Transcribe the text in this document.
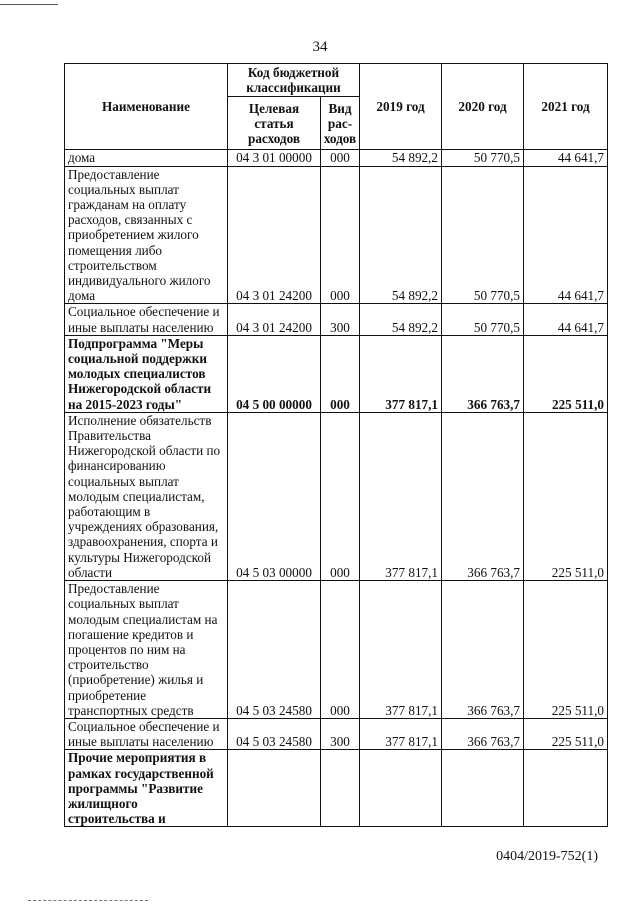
34
Наименование	Код бюджетной классификации		2019 год	2020 год	2021 год
	Целевая статья расходов	Вид рас-ходов			
дома	04 3 01 00000	000	54 892,2	50 770,5	44 641,7
Предоставление социальных выплат гражданам на оплату расходов, связанных с приобретением жилого помещения либо строительством индивидуального жилого дома	04 3 01 24200	000	54 892,2	50 770,5	44 641,7
Социальное обеспечение и иные выплаты населению	04 3 01 24200	300	54 892,2	50 770,5	44 641,7
Подпрограмма "Меры социальной поддержки молодых специалистов Нижегородской области на 2015-2023 годы"	04 5 00 00000	000	377 817,1	366 763,7	225 511,0
Исполнение обязательств Правительства Нижегородской области по финансированию социальных выплат молодым специалистам, работающим в учреждениях образования, здравоохранения, спорта и культуры Нижегородской области	04 5 03 00000	000	377 817,1	366 763,7	225 511,0
Предоставление социальных выплат молодым специалистам на погашение кредитов и процентов по ним на строительство (приобретение) жилья и приобретение транспортных средств	04 5 03 24580	000	377 817,1	366 763,7	225 511,0
Социальное обеспечение и иные выплаты населению	04 5 03 24580	300	377 817,1	366 763,7	225 511,0
Прочие мероприятия в рамках государственной программы "Развитие жилищного строительства и					
0404/2019-752(1)
